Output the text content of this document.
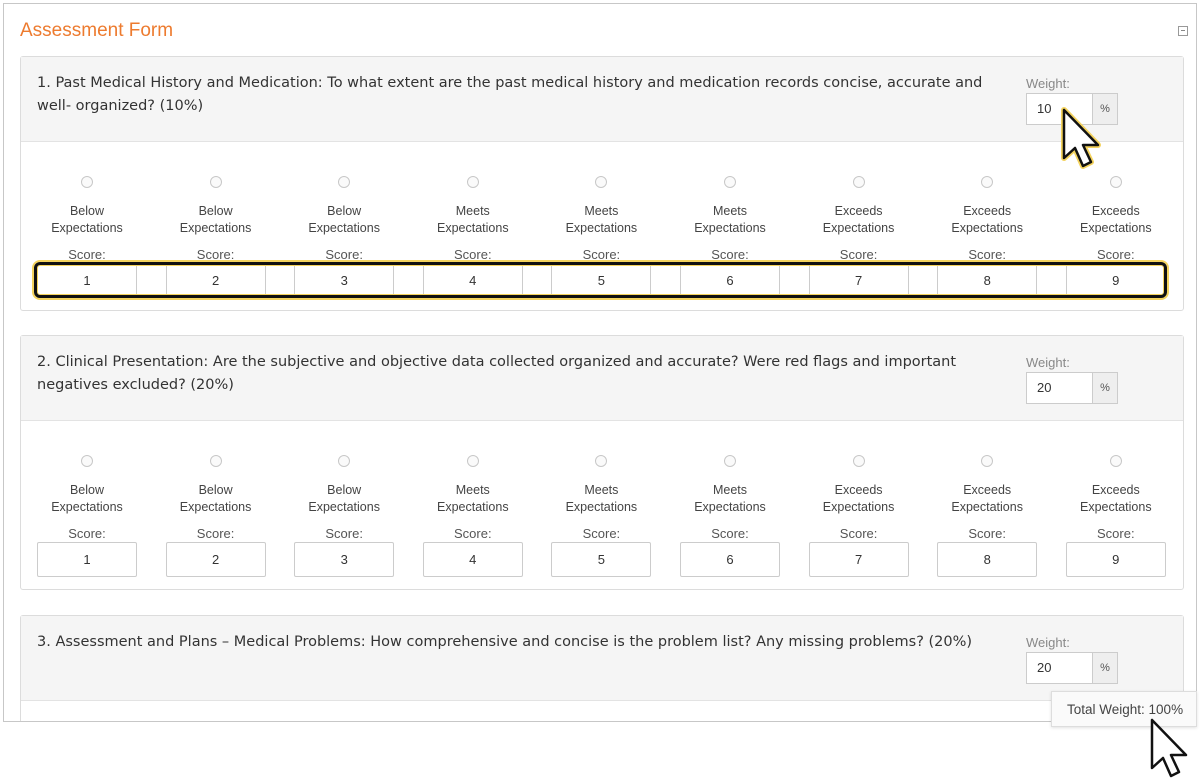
Assessment Form
1. Past Medical History and Medication: To what extent are the past medical history and medication records concise, accurate and well- organized? (10%)
Weight:
10	%
Below Expectations
Score:
1
Below Expectations
Score:
2
Below Expectations
Score:
3
Meets Expectations
Score:
4
Meets Expectations
Score:
5
Meets Expectations
Score:
6
Exceeds Expectations
Score:
7
Exceeds Expectations
Score:
8
Exceeds Expectations
Score:
9
2. Clinical Presentation: Are the subjective and objective data collected organized and accurate? Were red flags and important negatives excluded? (20%)
Weight:
20	%
Below Expectations
Score:
1
Below Expectations
Score:
2
Below Expectations
Score:
3
Meets Expectations
Score:
4
Meets Expectations
Score:
5
Meets Expectations
Score:
6
Exceeds Expectations
Score:
7
Exceeds Expectations
Score:
8
Exceeds Expectations
Score:
9
3. Assessment and Plans – Medical Problems: How comprehensive and concise is the problem list? Any missing problems? (20%)	Weight:
20	%
Total Weight: 100%
